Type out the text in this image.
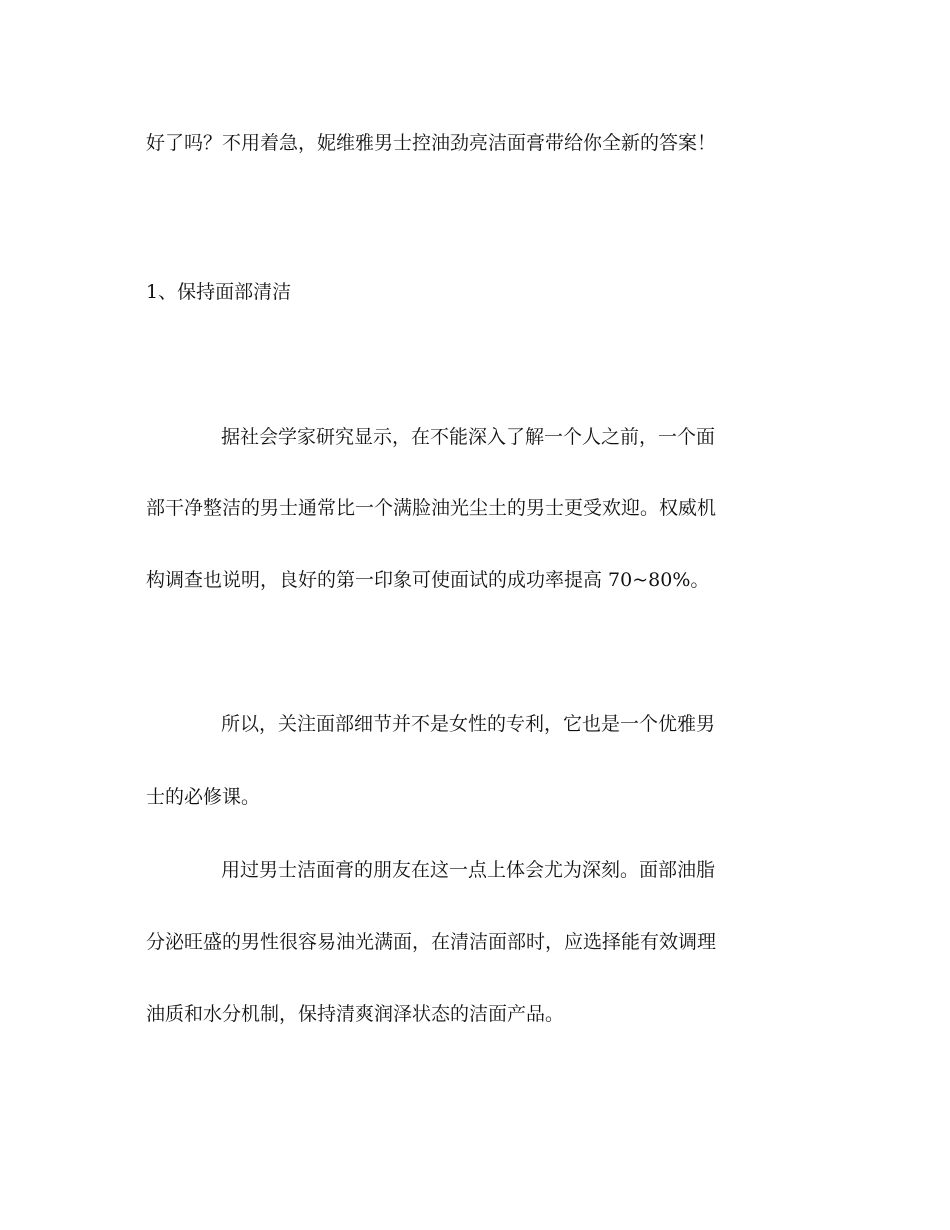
好了吗？不用着急，妮维雅男士控油劲亮洁面膏带给你全新的答案！

1、保持面部清洁

据社会学家研究显示，在不能深入了解一个人之前，一个面

部干净整洁的男士通常比一个满脸油光尘土的男士更受欢迎。权威机

构调查也说明，良好的第一印象可使面试的成功率提高 70~80%。

所以，关注面部细节并不是女性的专利，它也是一个优雅男

士的必修课。

用过男士洁面膏的朋友在这一点上体会尤为深刻。面部油脂

分泌旺盛的男性很容易油光满面，在清洁面部时，应选择能有效调理

油质和水分机制，保持清爽润泽状态的洁面产品。
